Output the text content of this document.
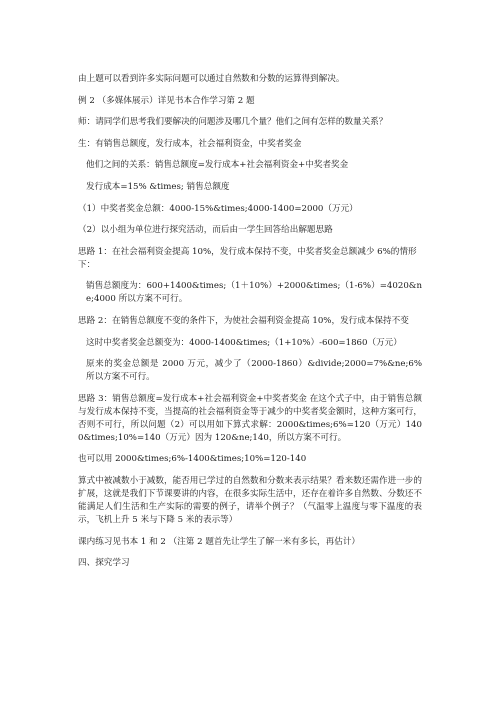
由上题可以看到许多实际问题可以通过自然数和分数的运算得到解决。

例 2 （多媒体展示）详见书本合作学习第 2 题

师：请同学们思考我们要解决的问题涉及哪几个量？他们之间有怎样的数量关系？

生：有销售总额度，发行成本，社会福利资金，中奖者奖金

他们之间的关系：销售总额度=发行成本+社会福利资金+中奖者奖金

发行成本=15% &times; 销售总额度

（1）中奖者奖金总额：4000-15%&times;4000-1400=2000（万元）

（2）以小组为单位进行探究活动，而后由一学生回答给出解题思路

思路 1：在社会福利资金提高 10%，发行成本保持不变，中奖者奖金总额减少 6%的情形下：

销售总额度为：600+1400&times;（1＋10%）+2000&times;（1-6%）=4020&ne;4000 所以方案不可行。

思路 2：在销售总额度不变的条件下，为使社会福利资金提高 10%，发行成本保持不变

这时中奖者奖金总额变为：4000-1400&times;（1+10%）-600=1860（万元）

原来的奖金总额是 2000 万元，减少了（2000-1860）&divide;2000=7%&ne;6% 所以方案不可行。

思路 3：销售总额度=发行成本+社会福利资金+中奖者奖金 在这个式子中，由于销售总额与发行成本保持不变，当提高的社会福利资金等于减少的中奖者奖金额时，这种方案可行，否则不可行，所以问题（2）可以用如下算式求解：2000&times;6%=120（万元）1400&times;10%=140（万元）因为 120&ne;140，所以方案不可行。

也可以用 2000&times;6%-1400&times;10%=120-140

算式中被减数小于减数，能否用已学过的自然数和分数来表示结果？看来数还需作进一步的扩展，这就是我们下节课要讲的内容，在很多实际生活中，还存在着许多自然数、分数还不能满足人们生活和生产实际的需要的例子，请举个例子？（气温零上温度与零下温度的表示，飞机上升 5 米与下降 5 米的表示等）

课内练习见书本 1 和 2 （注第 2 题首先让学生了解一米有多长，再估计）

四、探究学习
